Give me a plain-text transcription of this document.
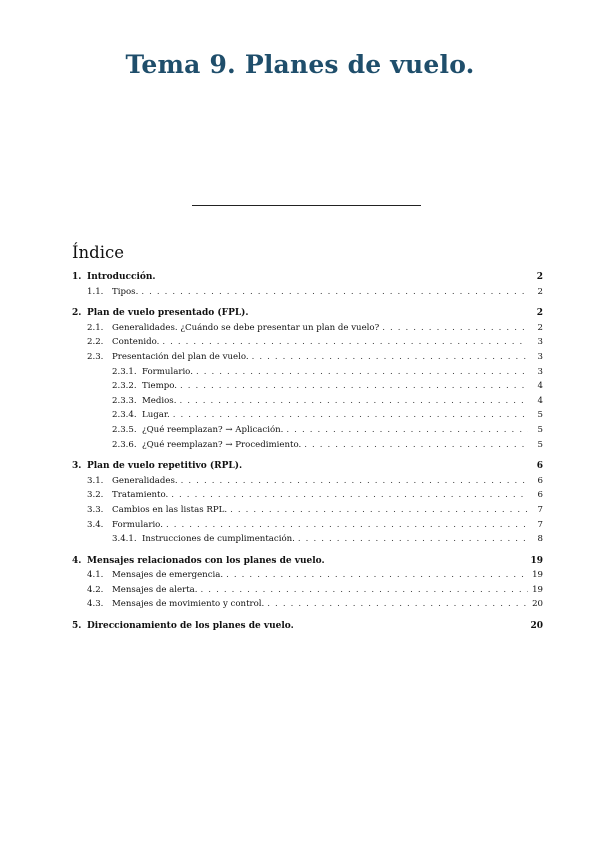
Tema 9. Planes de vuelo.
Índice
1. Introducción.	2
1.1. Tipos. . . .	2
2. Plan de vuelo presentado (FPL).	2
2.1. Generalidades. ¿Cuándo se debe presentar un plan de vuelo? . . .	2
2.2. Contenido. . . .	3
2.3. Presentación del plan de vuelo. . . .	3
2.3.1. Formulario. . . .	3
2.3.2. Tiempo. . . .	4
2.3.3. Medios. . . .	4
2.3.4. Lugar. . . .	5
2.3.5. ¿Qué reemplazan? → Aplicación. . . .	5
2.3.6. ¿Qué reemplazan? → Procedimiento. . . .	5
3. Plan de vuelo repetitivo (RPL).	6
3.1. Generalidades. . . .	6
3.2. Tratamiento. . . .	6
3.3. Cambios en las listas RPL. . . .	7
3.4. Formulario. . . .	7
3.4.1. Instrucciones de cumplimentación. . . .	8
4. Mensajes relacionados con los planes de vuelo.	19
4.1. Mensajes de emergencia. . . .	19
4.2. Mensajes de alerta. . . .	19
4.3. Mensajes de movimiento y control. . . .	20
5. Direccionamiento de los planes de vuelo.	20
